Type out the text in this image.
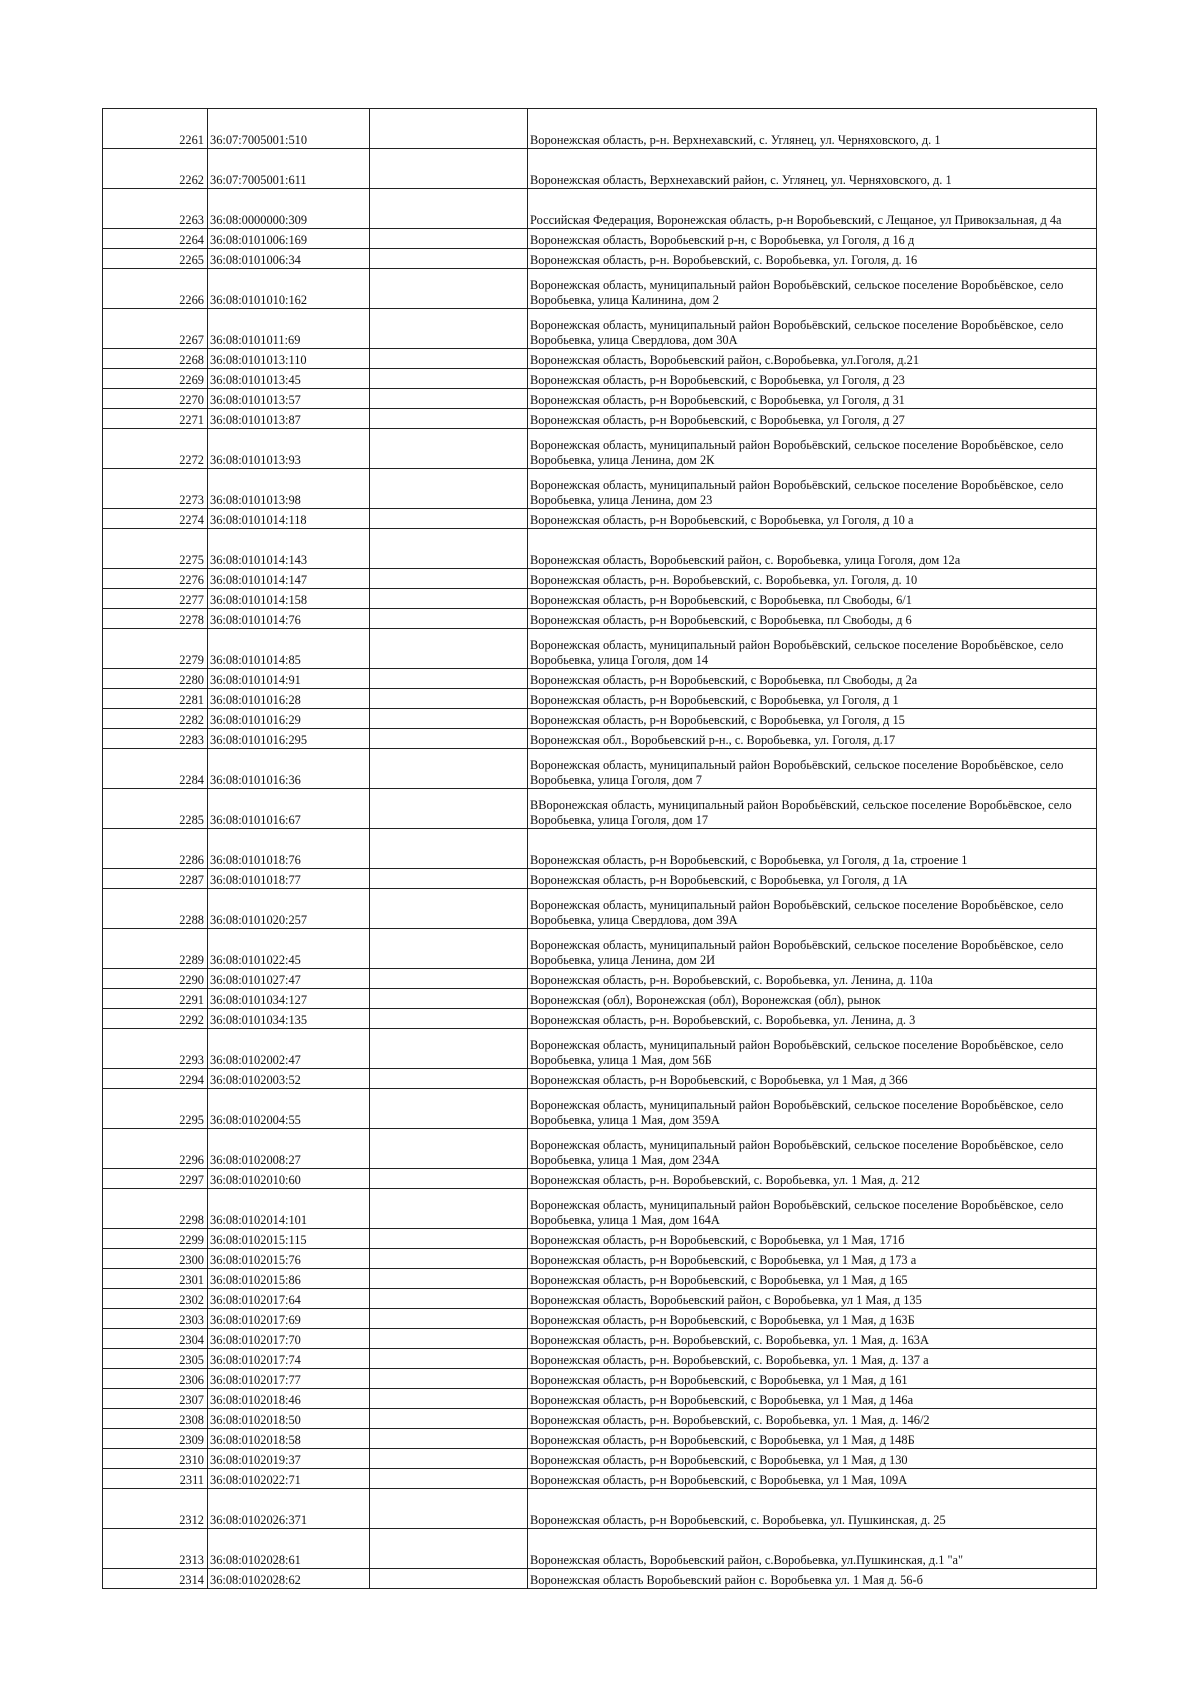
2261	36:07:7005001:510		Воронежская область, р-н. Верхнехавский, с. Углянец, ул. Черняховского, д. 1
2262	36:07:7005001:611		Воронежская область, Верхнехавский район, с. Углянец, ул. Черняховского, д. 1
2263	36:08:0000000:309		Российская Федерация, Воронежская область, р-н Воробьевский, с Лещаное, ул Привокзальная, д 4а
2264	36:08:0101006:169		Воронежская область, Воробьевский р-н, с Воробьевка, ул Гоголя, д 16 д
2265	36:08:0101006:34		Воронежская область, р-н. Воробьевский, с. Воробьевка, ул. Гоголя, д. 16
2266	36:08:0101010:162		Воронежская область, муниципальный район Воробьёвский, сельское поселение Воробьёвское, село Воробьевка, улица Калинина, дом 2
2267	36:08:0101011:69		Воронежская область, муниципальный район Воробьёвский, сельское поселение Воробьёвское, село Воробьевка, улица Свердлова, дом 30А
2268	36:08:0101013:110		Воронежская область, Воробьевский район, с.Воробьевка, ул.Гоголя, д.21
2269	36:08:0101013:45		Воронежская область, р-н Воробьевский, с Воробьевка, ул Гоголя, д 23
2270	36:08:0101013:57		Воронежская область, р-н Воробьевский, с Воробьевка, ул Гоголя, д 31
2271	36:08:0101013:87		Воронежская область, р-н Воробьевский, с Воробьевка, ул Гоголя, д 27
2272	36:08:0101013:93		Воронежская область, муниципальный район Воробьёвский, сельское поселение Воробьёвское, село Воробьевка, улица Ленина, дом 2К
2273	36:08:0101013:98		Воронежская область, муниципальный район Воробьёвский, сельское поселение Воробьёвское, село Воробьевка, улица Ленина, дом 23
2274	36:08:0101014:118		Воронежская область, р-н Воробьевский, с Воробьевка, ул Гоголя, д 10 а
2275	36:08:0101014:143		Воронежская область, Воробьевский район, с. Воробьевка, улица Гоголя, дом 12а
2276	36:08:0101014:147		Воронежская область, р-н. Воробьевский, с. Воробьевка, ул. Гоголя, д. 10
2277	36:08:0101014:158		Воронежская область, р-н Воробьевский, с Воробьевка, пл Свободы, 6/1
2278	36:08:0101014:76		Воронежская область, р-н Воробьевский, с Воробьевка, пл Свободы, д 6
2279	36:08:0101014:85		Воронежская область, муниципальный район Воробьёвский, сельское поселение Воробьёвское, село Воробьевка, улица Гоголя, дом 14
2280	36:08:0101014:91		Воронежская область, р-н Воробьевский, с Воробьевка, пл Свободы, д 2а
2281	36:08:0101016:28		Воронежская область, р-н Воробьевский, с Воробьевка, ул Гоголя, д 1
2282	36:08:0101016:29		Воронежская область, р-н Воробьевский, с Воробьевка, ул Гоголя, д 15
2283	36:08:0101016:295		Воронежская обл., Воробьевский р-н., с. Воробьевка, ул. Гоголя, д.17
2284	36:08:0101016:36		Воронежская область, муниципальный район Воробьёвский, сельское поселение Воробьёвское, село Воробьевка, улица Гоголя, дом 7
2285	36:08:0101016:67		ВВоронежская область, муниципальный район Воробьёвский, сельское поселение Воробьёвское, село Воробьевка, улица Гоголя, дом 17
2286	36:08:0101018:76		Воронежская область, р-н Воробьевский, с Воробьевка, ул Гоголя, д 1а, строение 1
2287	36:08:0101018:77		Воронежская область, р-н Воробьевский, с Воробьевка, ул Гоголя, д 1А
2288	36:08:0101020:257		Воронежская область, муниципальный район Воробьёвский, сельское поселение Воробьёвское, село Воробьевка, улица Свердлова, дом 39А
2289	36:08:0101022:45		Воронежская область, муниципальный район Воробьёвский, сельское поселение Воробьёвское, село Воробьевка, улица Ленина, дом 2И
2290	36:08:0101027:47		Воронежская область, р-н. Воробьевский, с. Воробьевка, ул. Ленина, д. 110а
2291	36:08:0101034:127		Воронежская (обл), Воронежская (обл), Воронежская (обл), рынок
2292	36:08:0101034:135		Воронежская область, р-н. Воробьевский, с. Воробьевка, ул. Ленина, д. 3
2293	36:08:0102002:47		Воронежская область, муниципальный район Воробьёвский, сельское поселение Воробьёвское, село Воробьевка, улица 1 Мая, дом 56Б
2294	36:08:0102003:52		Воронежская область, р-н Воробьевский, с Воробьевка, ул 1 Мая, д 366
2295	36:08:0102004:55		Воронежская область, муниципальный район Воробьёвский, сельское поселение Воробьёвское, село Воробьевка, улица 1 Мая, дом 359А
2296	36:08:0102008:27		Воронежская область, муниципальный район Воробьёвский, сельское поселение Воробьёвское, село Воробьевка, улица 1 Мая, дом 234А
2297	36:08:0102010:60		Воронежская область, р-н. Воробьевский, с. Воробьевка, ул. 1 Мая, д. 212
2298	36:08:0102014:101		Воронежская область, муниципальный район Воробьёвский, сельское поселение Воробьёвское, село Воробьевка, улица 1 Мая, дом 164А
2299	36:08:0102015:115		Воронежская область, р-н Воробьевский, с Воробьевка, ул 1 Мая, 171б
2300	36:08:0102015:76		Воронежская область, р-н Воробьевский, с Воробьевка, ул 1 Мая, д 173 а
2301	36:08:0102015:86		Воронежская область, р-н Воробьевский, с Воробьевка, ул 1 Мая, д 165
2302	36:08:0102017:64		Воронежская область, Воробьевский район, с Воробьевка, ул 1 Мая, д 135
2303	36:08:0102017:69		Воронежская область, р-н Воробьевский, с Воробьевка, ул 1 Мая, д 163Б
2304	36:08:0102017:70		Воронежская область, р-н. Воробьевский, с. Воробьевка, ул. 1 Мая, д. 163А
2305	36:08:0102017:74		Воронежская область, р-н. Воробьевский, с. Воробьевка, ул. 1 Мая, д. 137 а
2306	36:08:0102017:77		Воронежская область, р-н Воробьевский, с Воробьевка, ул 1 Мая, д 161
2307	36:08:0102018:46		Воронежская область, р-н Воробьевский, с Воробьевка, ул 1 Мая, д 146а
2308	36:08:0102018:50		Воронежская область, р-н. Воробьевский, с. Воробьевка, ул. 1 Мая, д. 146/2
2309	36:08:0102018:58		Воронежская область, р-н Воробьевский, с Воробьевка, ул 1 Мая, д 148Б
2310	36:08:0102019:37		Воронежская область, р-н Воробьевский, с Воробьевка, ул 1 Мая, д 130
2311	36:08:0102022:71		Воронежская область, р-н Воробьевский, с Воробьевка, ул 1 Мая, 109А
2312	36:08:0102026:371		Воронежская область, р-н Воробьевский, с. Воробьевка, ул. Пушкинская, д. 25
2313	36:08:0102028:61		Воронежская область, Воробьевский район, с.Воробьевка, ул.Пушкинская, д.1 "а"
2314	36:08:0102028:62		Воронежская область Воробьевский район с. Воробьевка ул. 1 Мая д. 56-б
